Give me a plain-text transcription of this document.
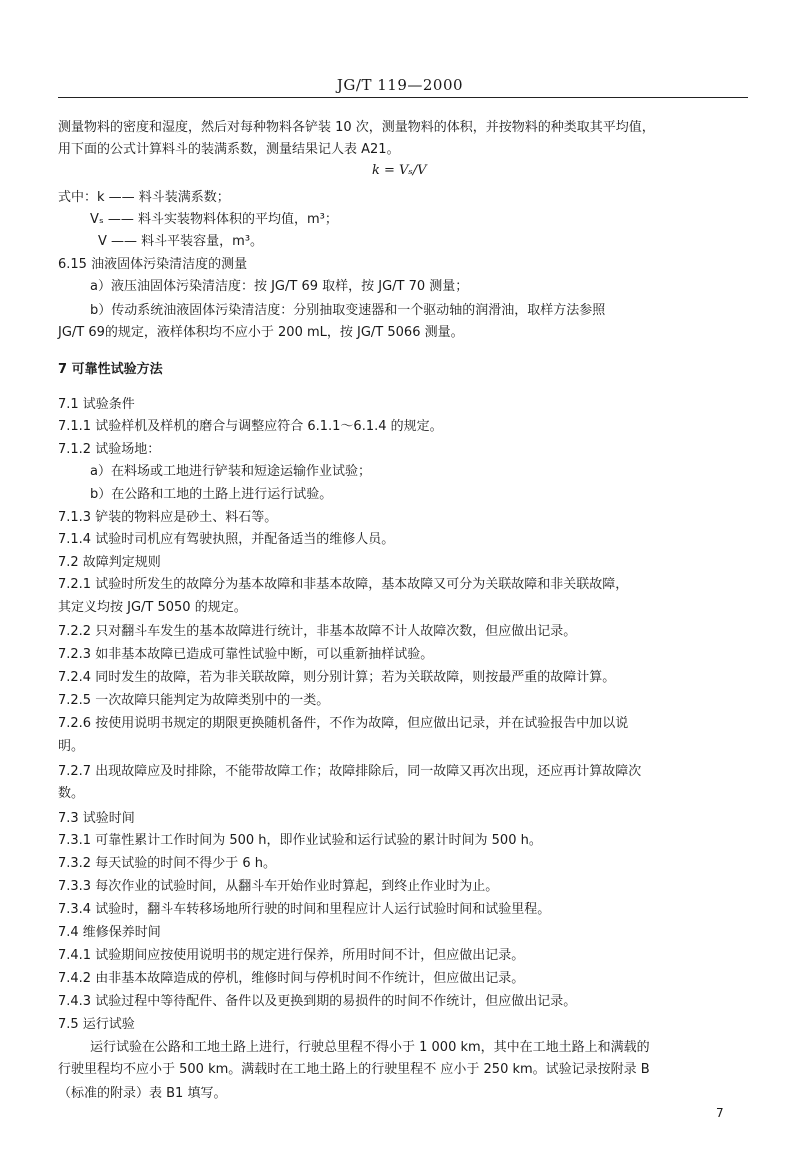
JG/T 119—2000
测量物料的密度和湿度，然后对每种物料各铲装 10 次，测量物料的体积，并按物料的种类取其平均值，
用下面的公式计算料斗的装满系数，测量结果记人表 A21。
k = Vₛ/V
式中：k —— 料斗装满系数；
Vₛ —— 料斗实装物料体积的平均值，m³；
V —— 料斗平装容量，m³。
6.15 油液固体污染清洁度的测量
a）液压油固体污染清洁度：按 JG/T 69 取样，按 JG/T 70 测量；
b）传动系统油液固体污染清洁度：分别抽取变速器和一个驱动轴的润滑油，取样方法参照
JG/T 69的规定，液样体积均不应小于 200 mL，按 JG/T 5066 测量。
7 可靠性试验方法
7.1 试验条件
7.1.1 试验样机及样机的磨合与调整应符合 6.1.1～6.1.4 的规定。
7.1.2 试验场地：
a）在料场或工地进行铲装和短途运输作业试验；
b）在公路和工地的土路上进行运行试验。
7.1.3 铲装的物料应是砂土、料石等。
7.1.4 试验时司机应有驾驶执照，并配备适当的维修人员。
7.2 故障判定规则
7.2.1 试验时所发生的故障分为基本故障和非基本故障，基本故障又可分为关联故障和非关联故障，
其定义均按 JG/T 5050 的规定。
7.2.2 只对翻斗车发生的基本故障进行统计，非基本故障不计人故障次数，但应做出记录。
7.2.3 如非基本故障已造成可靠性试验中断，可以重新抽样试验。
7.2.4 同时发生的故障，若为非关联故障，则分别计算；若为关联故障，则按最严重的故障计算。
7.2.5 一次故障只能判定为故障类别中的一类。
7.2.6 按使用说明书规定的期限更换随机备件，不作为故障，但应做出记录，并在试验报告中加以说
明。
7.2.7 出现故障应及时排除，不能带故障工作；故障排除后，同一故障又再次出现，还应再计算故障次
数。
7.3 试验时间
7.3.1 可靠性累计工作时间为 500 h，即作业试验和运行试验的累计时间为 500 h。
7.3.2 每天试验的时间不得少于 6 h。
7.3.3 每次作业的试验时间，从翻斗车开始作业时算起，到终止作业时为止。
7.3.4 试验时，翻斗车转移场地所行驶的时间和里程应计人运行试验时间和试验里程。
7.4 维修保养时间
7.4.1 试验期间应按使用说明书的规定进行保养，所用时间不计，但应做出记录。
7.4.2 由非基本故障造成的停机，维修时间与停机时间不作统计，但应做出记录。
7.4.3 试验过程中等待配件、备件以及更换到期的易损件的时间不作统计，但应做出记录。
7.5 运行试验
运行试验在公路和工地土路上进行，行驶总里程不得小于 1 000 km，其中在工地土路上和满载的
行驶里程均不应小于 500 km。满载时在工地土路上的行驶里程不 应小于 250 km。试验记录按附录 B
（标准的附录）表 B1 填写。
7
